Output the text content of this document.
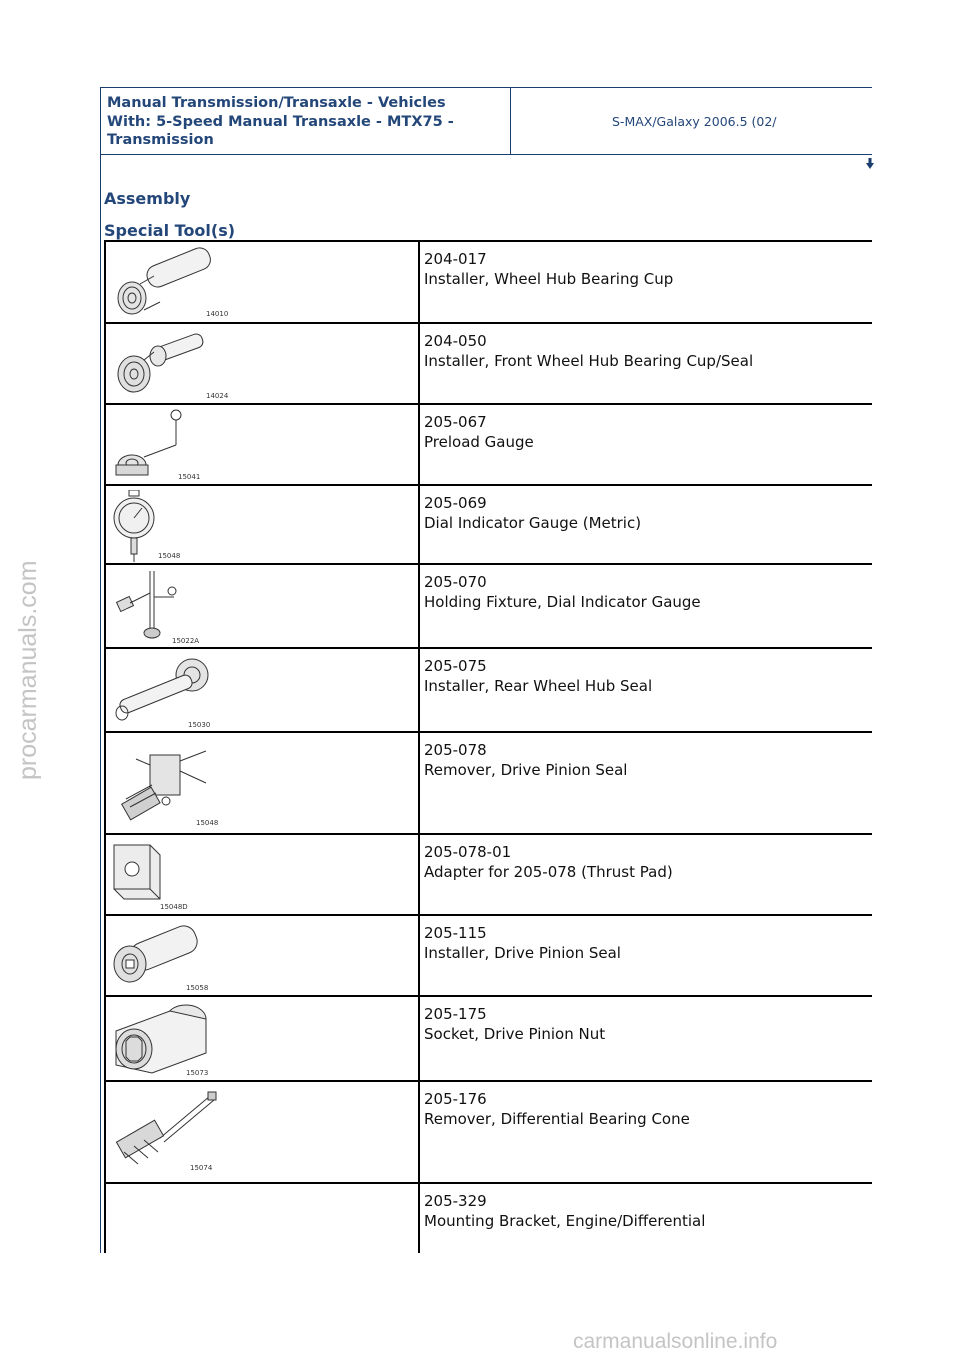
Manual Transmission/Transaxle - Vehicles
With: 5-Speed Manual Transaxle - MTX75 -
Transmission
S-MAX/Galaxy 2006.5 (02/
Assembly
Special Tool(s)
14010
204-017
Installer, Wheel Hub Bearing Cup
14024
204-050
Installer, Front Wheel Hub Bearing Cup/Seal
15041
205-067
Preload Gauge
15048
205-069
Dial Indicator Gauge (Metric)
15022A
205-070
Holding Fixture, Dial Indicator Gauge
15030
205-075
Installer, Rear Wheel Hub Seal
15048
205-078
Remover, Drive Pinion Seal
15048D
205-078-01
Adapter for 205-078 (Thrust Pad)
15058
205-115
Installer, Drive Pinion Seal
15073
205-175
Socket, Drive Pinion Nut
15074
205-176
Remover, Differential Bearing Cone
205-329
Mounting Bracket, Engine/Differential
procarmanuals.com
carmanualsonline.info
